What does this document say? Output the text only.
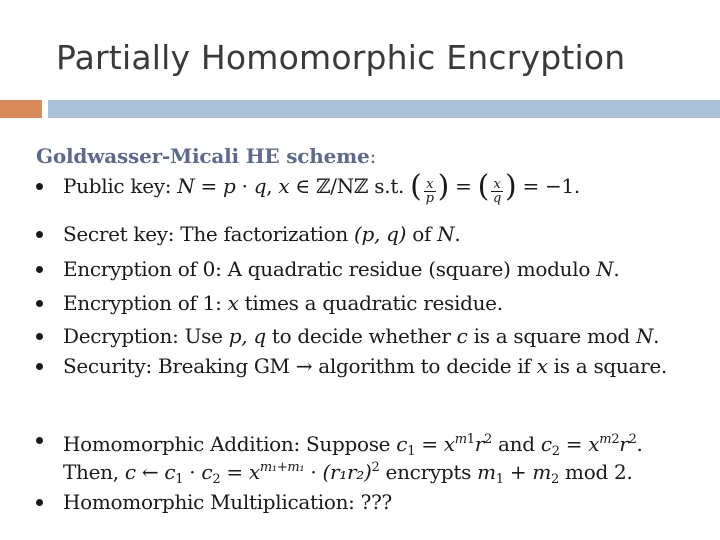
Partially Homomorphic Encryption
Goldwasser-Micali HE scheme:
Public key: N = p · q, x ∈ ℤ/Nℤ s.t. ( $\frac{x}{p}$ ) = ( $\frac{x}{q}$ ) = −1.
Secret key: The factorization (p, q) of N.
Encryption of 0: A quadratic residue (square) modulo N.
Encryption of 1: x times a quadratic residue.
Decryption: Use p, q to decide whether c is a square mod N.
Security: Breaking GM → algorithm to decide if x is a square.
Homomorphic Addition: Suppose $c_1 = x^{m1}r^2$ and $c_2 = x^{m2}r^2$.
Then, c ← $c_1 \cdot c_2 = x^{m_1+m_1} \cdot (r_1r_2)^2$ encrypts $m_1 + m_2$ mod 2.
Homomorphic Multiplication: ???
